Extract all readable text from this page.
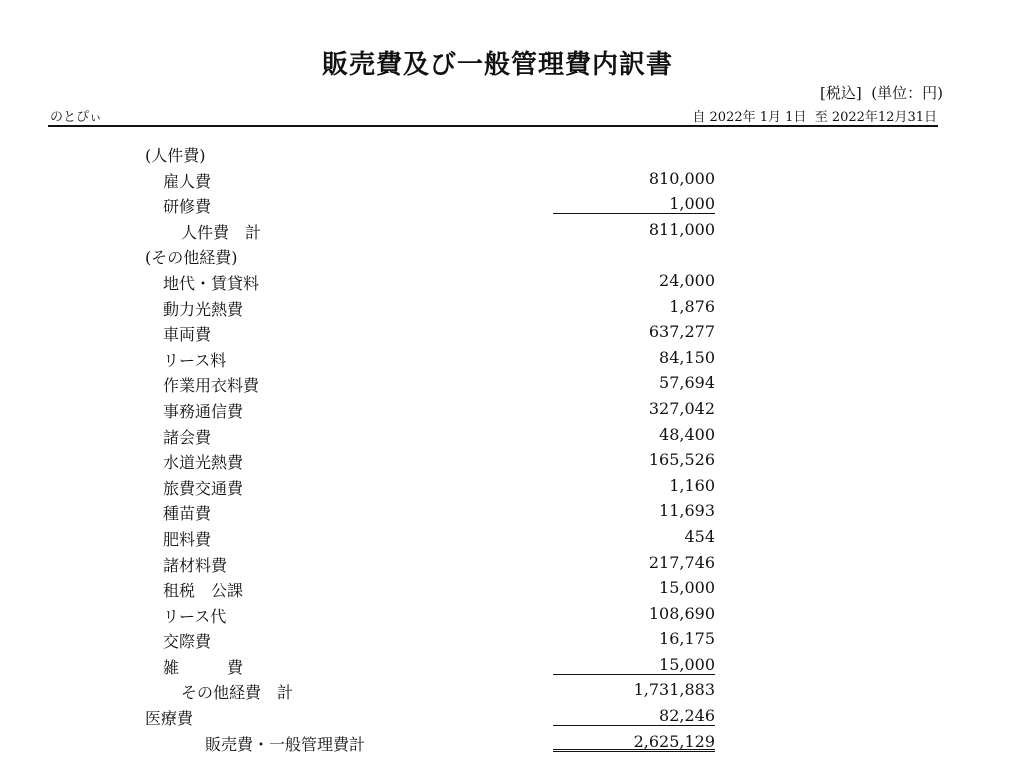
販売費及び一般管理費内訳書
[税込]  (単位：円)
のとぴぃ	自 2022年 1月 1日  至 2022年12月31日
(人件費)
雇人費	810,000
研修費	1,000
人件費　計	811,000
(その他経費)
地代・賃貸料	24,000
動力光熱費	1,876
車両費	637,277
リース料	84,150
作業用衣料費	57,694
事務通信費	327,042
諸会費	48,400
水道光熱費	165,526
旅費交通費	1,160
種苗費	11,693
肥料費	454
諸材料費	217,746
租税　公課	15,000
リース代	108,690
交際費	16,175
雑　　　費	15,000
その他経費　計	1,731,883
医療費	82,246
販売費・一般管理費計	2,625,129
